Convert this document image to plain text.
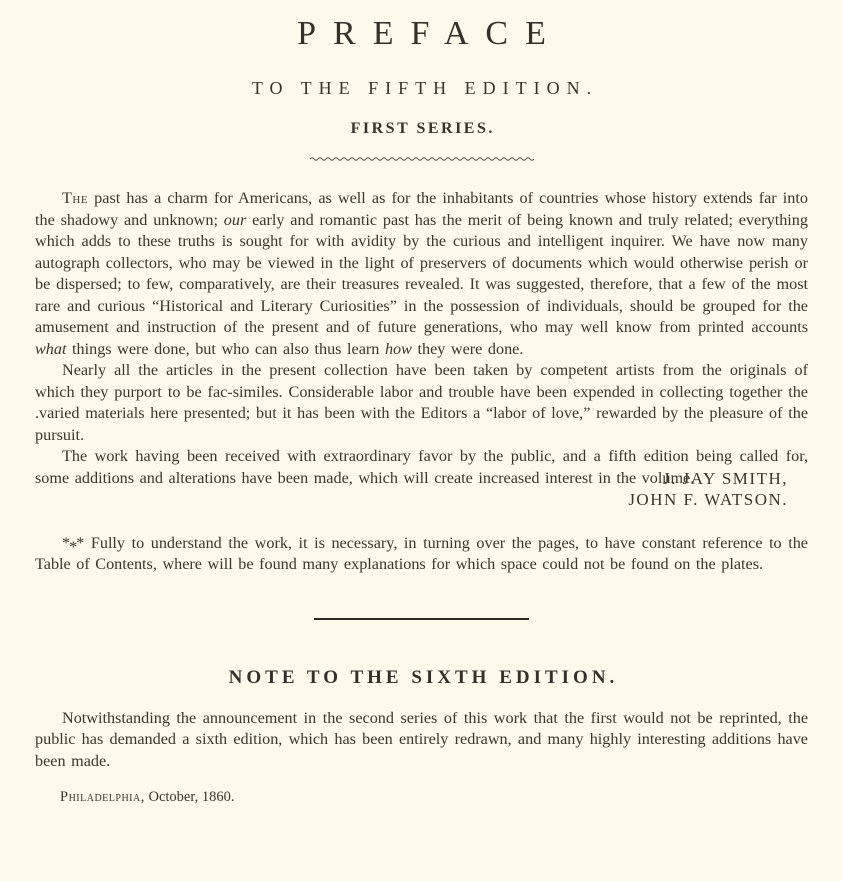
PREFACE
TO THE FIFTH EDITION.
FIRST SERIES.

The past has a charm for Americans, as well as for the inhabitants of countries whose history extends far into the shadowy and unknown; our early and romantic past has the merit of being known and truly related; everything which adds to these truths is sought for with avidity by the curious and intelligent inquirer. We have now many autograph collectors, who may be viewed in the light of preservers of documents which would otherwise perish or be dispersed; to few, comparatively, are their treasures revealed. It was suggested, therefore, that a few of the most rare and curious “Historical and Literary Curiosities” in the possession of individuals, should be grouped for the amusement and instruction of the present and of future generations, who may well know from printed accounts what things were done, but who can also thus learn how they were done.

Nearly all the articles in the present collection have been taken by competent artists from the originals of which they purport to be fac-similes. Considerable labor and trouble have been expended in collecting together the .varied materials here presented; but it has been with the Editors a “labor of love,” rewarded by the pleasure of the pursuit.

The work having been received with extraordinary favor by the public, and a fifth edition being called for, some additions and alterations have been made, which will create increased interest in the volume.

J. JAY SMITH,
JOHN F. WATSON.

*** Fully to understand the work, it is necessary, in turning over the pages, to have constant reference to the Table of Contents, where will be found many explanations for which space could not be found on the plates.

NOTE TO THE SIXTH EDITION.

Notwithstanding the announcement in the second series of this work that the first would not be reprinted, the public has demanded a sixth edition, which has been entirely redrawn, and many highly interesting additions have been made.

Philadelphia, October, 1860.
